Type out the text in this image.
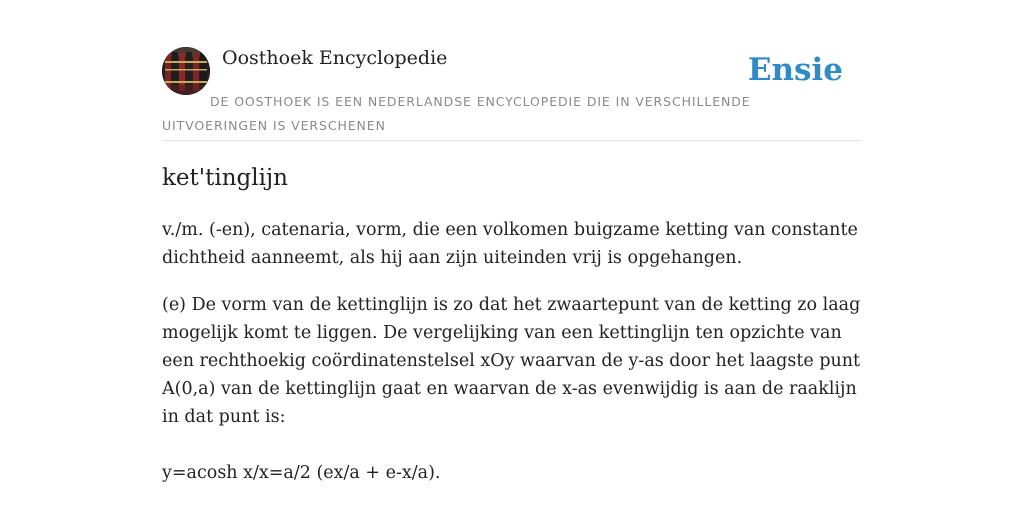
Oosthoek Encyclopedie	Ensie
DE OOSTHOEK IS EEN NEDERLANDSE ENCYCLOPEDIE DIE IN VERSCHILLENDE UITVOERINGEN IS VERSCHENEN
ket'tinglijn

v./m. (-en), catenaria, vorm, die een volkomen buigzame ketting van constante dichtheid aanneemt, als hij aan zijn uiteinden vrij is opgehangen.

(e) De vorm van de kettinglijn is zo dat het zwaartepunt van de ketting zo laag mogelijk komt te liggen. De vergelijking van een kettinglijn ten opzichte van een rechthoekig coördinatenstelsel xOy waarvan de y-as door het laagste punt A(0,a) van de kettinglijn gaat en waarvan de x-as evenwijdig is aan de raaklijn in dat punt is:

y=acosh x/x=a/2 (ex/a + e-x/a).
